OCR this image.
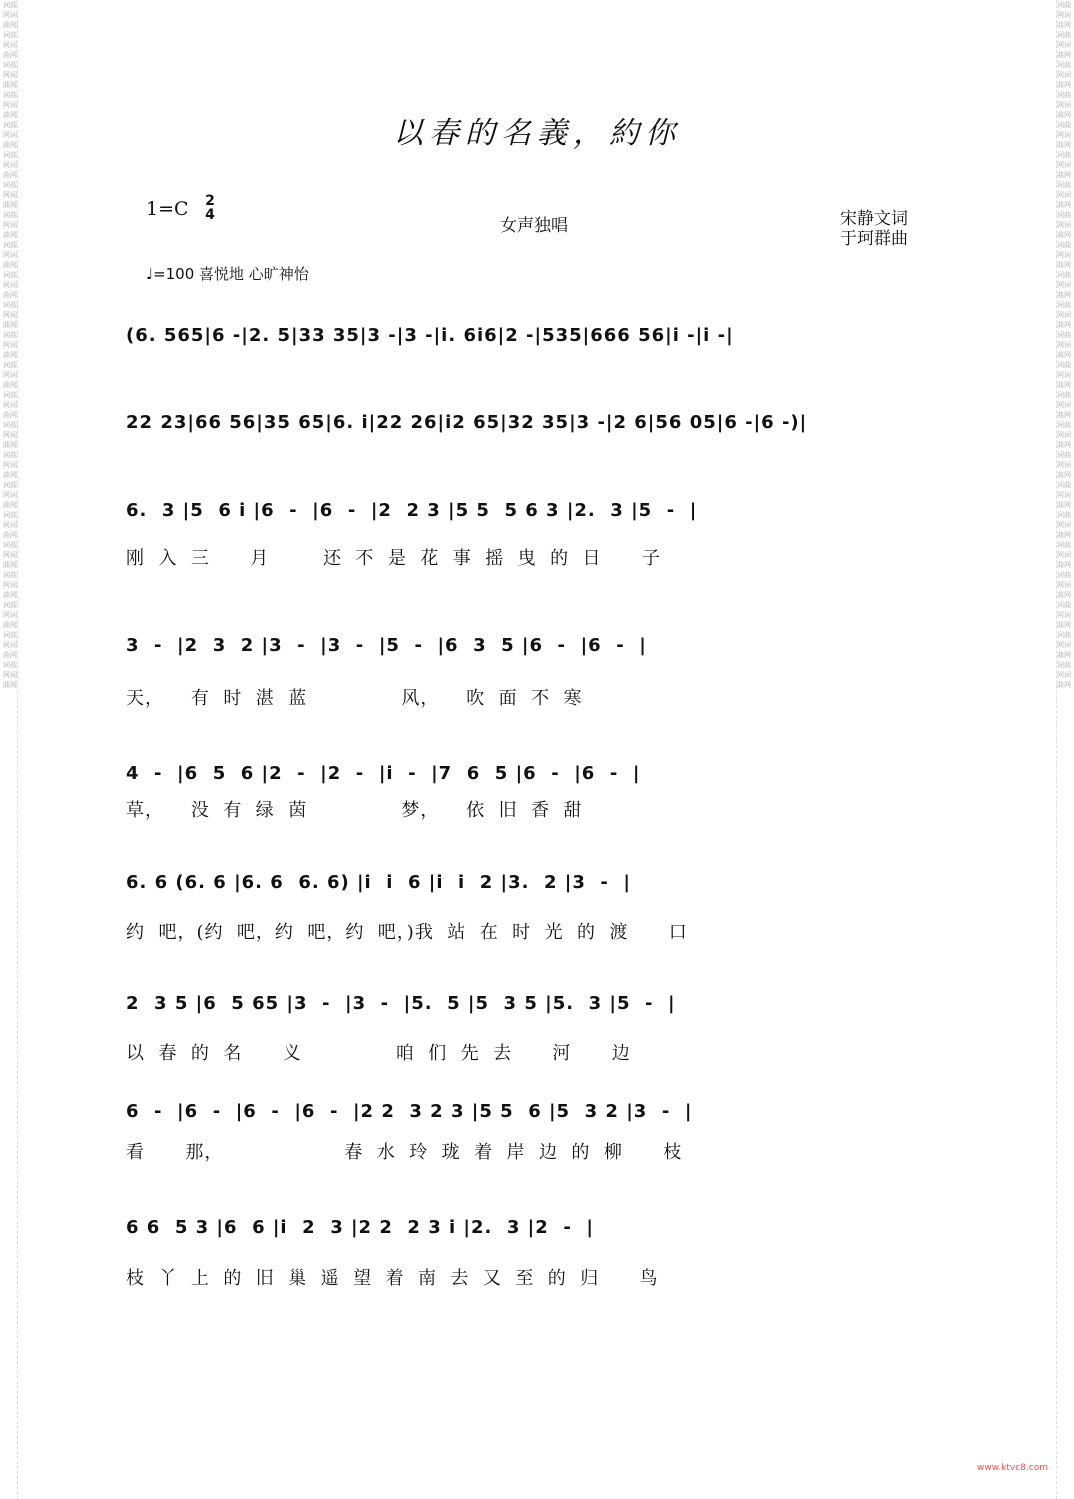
词曲网词曲网词曲网词曲网词曲网词曲网词曲网词曲网词曲网词曲网词曲网词曲网词曲网词曲网词曲网词曲网词曲网词曲网词曲网词曲网词曲网词曲网词曲网词曲网词曲网词曲网词曲网词曲网词曲网词曲网词曲网词曲网词曲网词曲网词曲网词曲网词曲网词曲网词曲网词曲网词曲网词曲网词曲网词曲网词曲网词曲网
词曲网词曲网词曲网词曲网词曲网词曲网词曲网词曲网词曲网词曲网词曲网词曲网词曲网词曲网词曲网词曲网词曲网词曲网词曲网词曲网词曲网词曲网词曲网词曲网词曲网词曲网词曲网词曲网词曲网词曲网词曲网词曲网词曲网词曲网词曲网词曲网词曲网词曲网词曲网词曲网词曲网词曲网词曲网词曲网词曲网词曲网
以春的名義，約你
1=C 2
4
女声独唱	宋静文词
于珂群曲
♩=100 喜悦地 心旷神怡
(6. 565|6 -|2. 5|33 35|3 -|3 -|i. 6i6|2 -|535|666 56|i -|i -|
22 23|66 56|35 65|6. i|22 26|i2 65|32 35|3 -|2 6|56 05|6 -|6 -)|
6.  3 |5  6 i |6  -  |6  -  |2  2 3 |5 5  5 6 3 |2.  3 |5  -  |
刚  入  三      月        还  不  是  花  事  摇  曳  的  日      子
3  -  |2  3  2 |3  -  |3  -  |5  -  |6  3  5 |6  -  |6  -  |
天，    有  时  湛  蓝              风，    吹  面  不  寒
4  -  |6  5  6 |2  -  |2  -  |i  -  |7  6  5 |6  -  |6  -  |
草，    没  有  绿  茵              梦，    依  旧  香  甜
6. 6 (6. 6 |6. 6  6. 6) |i  i  6 |i  i  2 |3.  2 |3  -  |
约  吧，(约  吧，约  吧，约  吧，)我  站  在  时  光  的  渡      口
2  3 5 |6  5 65 |3  -  |3  -  |5.  5 |5  3 5 |5.  3 |5  -  |
以  春  的  名      义              咱  们  先  去      河      边
6  -  |6  -  |6  -  |6  -  |2 2  3 2 3 |5 5  6 |5  3 2 |3  -  |
看      那，                  春  水  玲  珑  着  岸  边  的  柳      枝
6 6  5 3 |6  6 |i  2  3 |2 2  2 3 i |2.  3 |2  -  |
枝  丫  上  的  旧  巢  遥  望  着  南  去  又  至  的  归      鸟
www.ktvc8.com
